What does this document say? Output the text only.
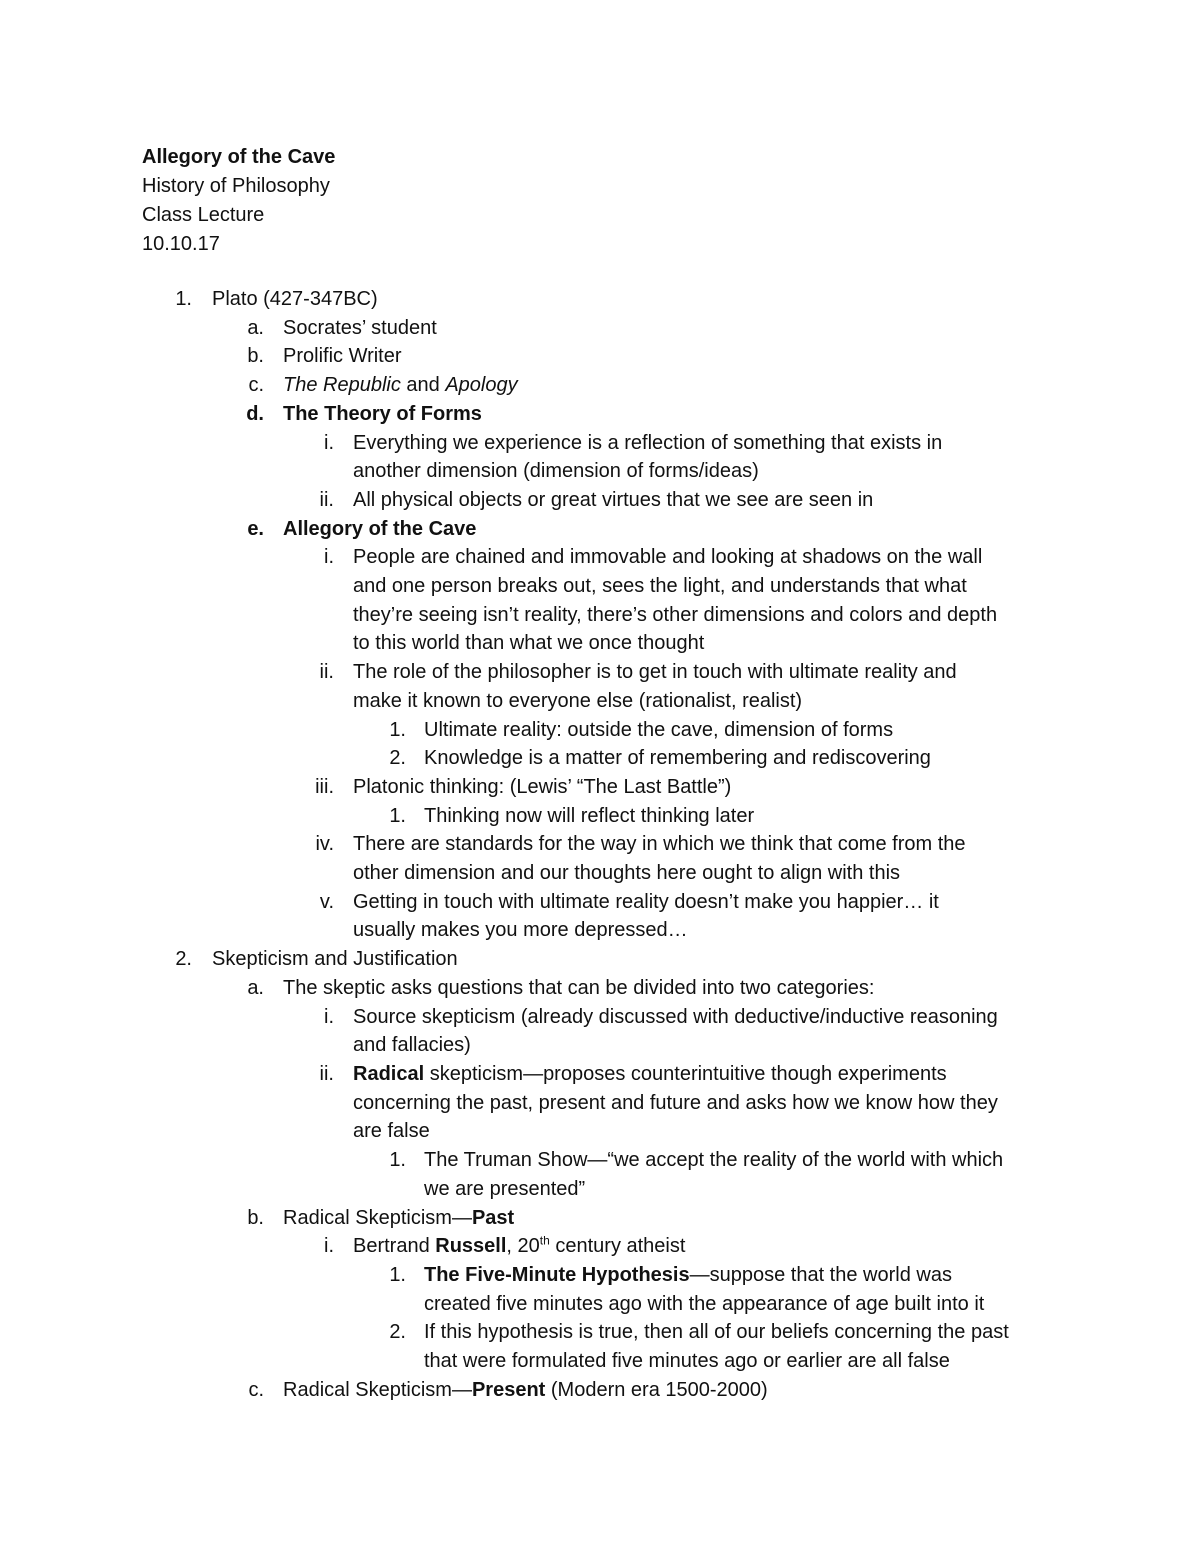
Allegory of the Cave
History of Philosophy
Class Lecture
10.10.17
1. Plato (427-347BC)
a. Socrates’ student
b. Prolific Writer
c. The Republic and Apology
d. The Theory of Forms
i. Everything we experience is a reflection of something that exists in
another dimension (dimension of forms/ideas)
ii. All physical objects or great virtues that we see are seen in
e. Allegory of the Cave
i. People are chained and immovable and looking at shadows on the wall
and one person breaks out, sees the light, and understands that what
they’re seeing isn’t reality, there’s other dimensions and colors and depth
to this world than what we once thought
ii. The role of the philosopher is to get in touch with ultimate reality and
make it known to everyone else (rationalist, realist)
1. Ultimate reality: outside the cave, dimension of forms
2. Knowledge is a matter of remembering and rediscovering
iii. Platonic thinking: (Lewis’ “The Last Battle”)
1. Thinking now will reflect thinking later
iv. There are standards for the way in which we think that come from the
other dimension and our thoughts here ought to align with this
v. Getting in touch with ultimate reality doesn’t make you happier… it
usually makes you more depressed…
2. Skepticism and Justification
a. The skeptic asks questions that can be divided into two categories:
i. Source skepticism (already discussed with deductive/inductive reasoning
and fallacies)
ii. Radical skepticism—proposes counterintuitive though experiments
concerning the past, present and future and asks how we know how they
are false
1. The Truman Show—“we accept the reality of the world with which
we are presented”
b. Radical Skepticism—Past
i. Bertrand Russell, 20th century atheist
1. The Five-Minute Hypothesis—suppose that the world was
created five minutes ago with the appearance of age built into it
2. If this hypothesis is true, then all of our beliefs concerning the past
that were formulated five minutes ago or earlier are all false
c. Radical Skepticism—Present (Modern era 1500-2000)
